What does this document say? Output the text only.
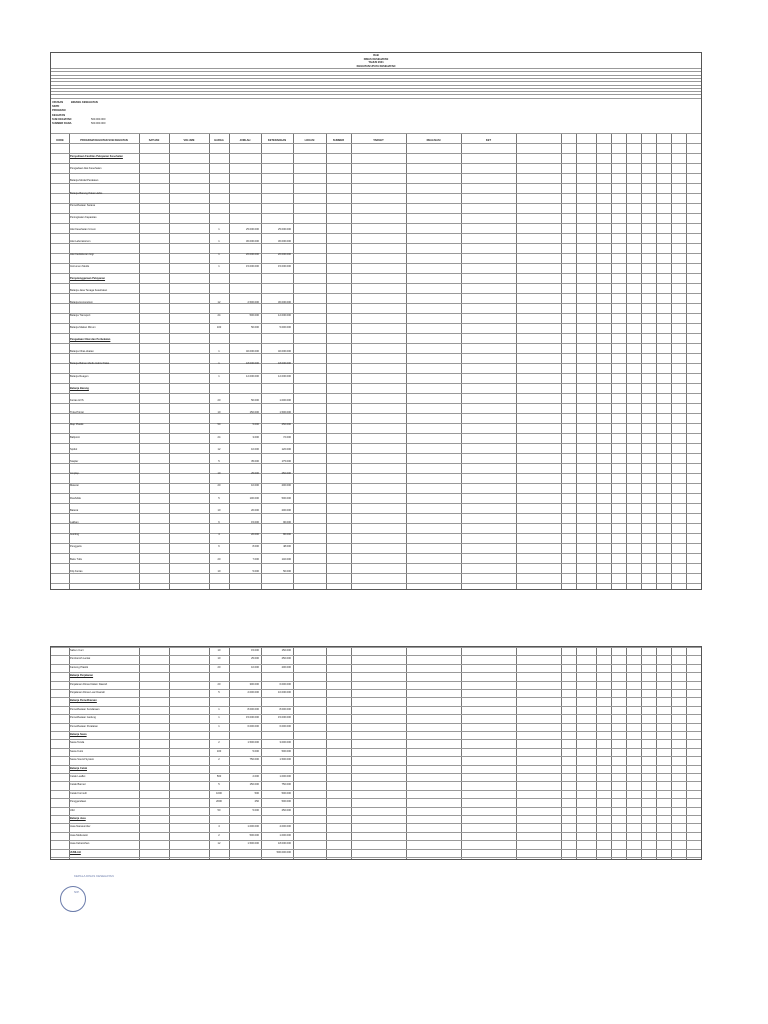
RAB
DINAS KESEHATAN
TAHUN 2021
KEGIATAN UPAYA KESEHATAN
URUSAN
SKPD
PROGRAM
KEGIATAN
SUB KEGIATAN
SUMBER DANA
BIDANG KESEHATAN
500.000.000
500.000.000
KODE	PROGRAM KEGIATAN SUB KEGIATAN	SATUAN	VOLUME	HARGA	JUMLAH	KETERANGAN	LOKASI	SUMBER	TARGET	REALISASI	KET
Penyediaan Fasilitas Pelayanan Kesehatan
Pengadaan Alat Kesehatan
Belanja Modal Peralatan
Belanja Barang Pakai Habis
Pemeliharaan Sarana
Peningkatan Kapasitas
Alat Kesehatan Umum	1	25.000.000	25.000.000
Alat Laboratorium	1	30.000.000	30.000.000
Alat Kedokteran Gigi	1	20.000.000	20.000.000
Instrumen Medis	1	15.000.000	15.000.000
Penyelenggaraan Pelayanan
Belanja Jasa Tenaga Kesehatan
Belanja Honorarium	12	2.500.000	30.000.000
Belanja Transport	24	500.000	12.000.000
Belanja Makan Minum	100	50.000	5.000.000
Pengadaan Obat dan Perbekalan
Belanja Obat-obatan	1	40.000.000	40.000.000
Belanja Bahan Medis Habis Pakai	1	18.000.000	18.000.000
Belanja Reagen	1	12.000.000	12.000.000
Belanja Barang
Kertas HVS	20	50.000	1.000.000
Tinta Printer	10	150.000	1.500.000
Map Plastik	50	5.000	250.000
Ballpoint	24	3.000	72.000
Spidol	12	10.000	120.000
Stapler	5	35.000	175.000
Amplop	10	25.000	250.000
Materai	20	10.000	200.000
Flashdisk	5	100.000	500.000
Baterai	10	20.000	200.000
Lakban	6	15.000	90.000
Gunting	4	20.000	80.000
Penggaris	6	8.000	48.000
Buku Tulis	20	7.000	140.000
Klip Kertas	10	5.000	50.000
Sabun Cuci	10	15.000	150.000
Pembersih Lantai	10	25.000	250.000
Kantong Plastik	20	10.000	200.000
Belanja Perjalanan
Perjalanan Dinas Dalam Daerah	20	300.000	6.000.000
Perjalanan Dinas Luar Daerah	5	2.000.000	10.000.000
Belanja Pemeliharaan
Pemeliharaan Kendaraan	1	8.000.000	8.000.000
Pemeliharaan Gedung	1	15.000.000	15.000.000
Pemeliharaan Peralatan	1	6.000.000	6.000.000
Belanja Sewa
Sewa Tenda	2	1.500.000	3.000.000
Sewa Kursi	100	5.000	500.000
Sewa Sound System	2	750.000	1.500.000
Belanja Cetak
Cetak Leaflet	500	2.000	1.000.000
Cetak Banner	5	150.000	750.000
Cetak Formulir	1000	500	500.000
Penggandaan	2000	250	500.000
Jilid	50	5.000	250.000
Belanja Jasa
Jasa Narasumber	4	1.000.000	4.000.000
Jasa Moderator	2	500.000	1.000.000
Jasa Kebersihan	12	1.500.000	18.000.000
JUMLAH	500.000.000
KEPALA DINAS KESEHATAN

NIP.
